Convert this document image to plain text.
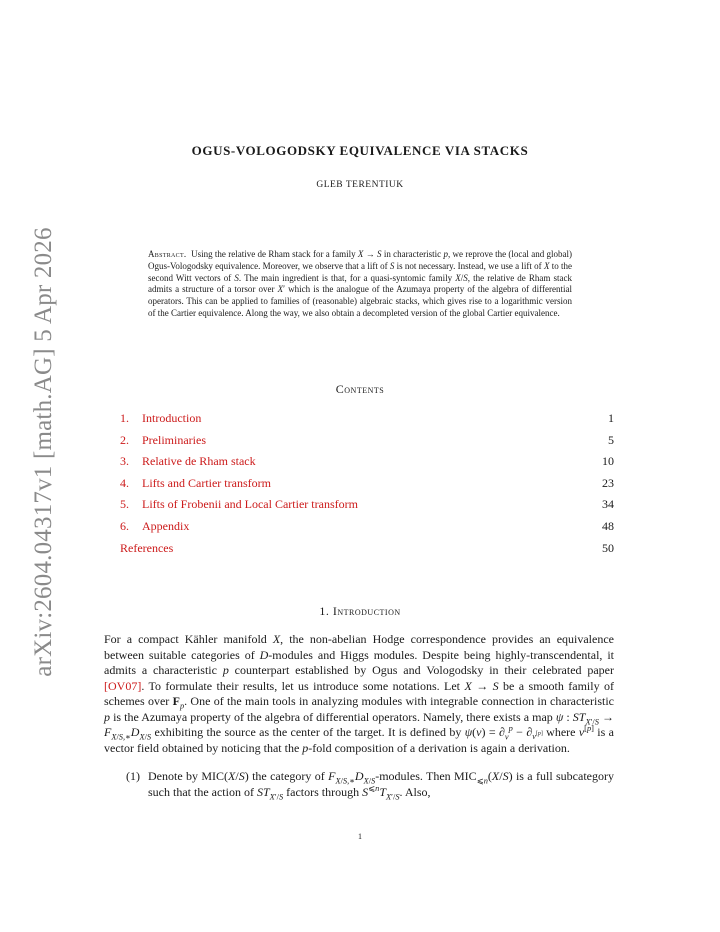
arXiv:2604.04317v1 [math.AG] 5 Apr 2026
OGUS-VOLOGODSKY EQUIVALENCE VIA STACKS
GLEB TERENTIUK
Abstract. Using the relative de Rham stack for a family X → S in characteristic p, we reprove the (local and global) Ogus-Vologodsky equivalence. Moreover, we observe that a lift of S is not necessary. Instead, we use a lift of X to the second Witt vectors of S. The main ingredient is that, for a quasi-syntomic family X/S, the relative de Rham stack admits a structure of a torsor over X′ which is the analogue of the Azumaya property of the algebra of differential operators. This can be applied to families of (reasonable) algebraic stacks, which gives rise to a logarithmic version of the Cartier equivalence. Along the way, we also obtain a decompleted version of the global Cartier equivalence.
Contents
1. Introduction	1
2. Preliminaries	5
3. Relative de Rham stack	10
4. Lifts and Cartier transform	23
5. Lifts of Frobenii and Local Cartier transform	34
6. Appendix	48
References	50
1. Introduction
For a compact Kähler manifold X, the non-abelian Hodge correspondence provides an equivalence between suitable categories of D-modules and Higgs modules. Despite being highly-transcendental, it admits a characteristic p counterpart established by Ogus and Vologodsky in their celebrated paper [OV07]. To formulate their results, let us introduce some notations. Let X → S be a smooth family of schemes over $F_p$. One of the main tools in analyzing modules with integrable connection in characteristic p is the Azumaya property of the algebra of differential operators. Namely, there exists a map ψ : $ST_{X'/S} \to F_{X/S,∗}D_{X/S}$ exhibiting the source as the center of the target. It is defined by $\psi(v) = \partial_v^p - \partial_{v^{[p]}}$ where v[p] is a vector field obtained by noticing that the p-fold composition of a derivation is again a derivation.
(1) Denote by MIC(X/S) the category of $F_{X/S,∗}D_{X/S}$-modules. Then $MIC_{⩽n}(X/S)$ is a full subcategory such that the action of $ST_{X'/S}$ factors through $S^{⩽n}T_{X'/S}$. Also,
1
